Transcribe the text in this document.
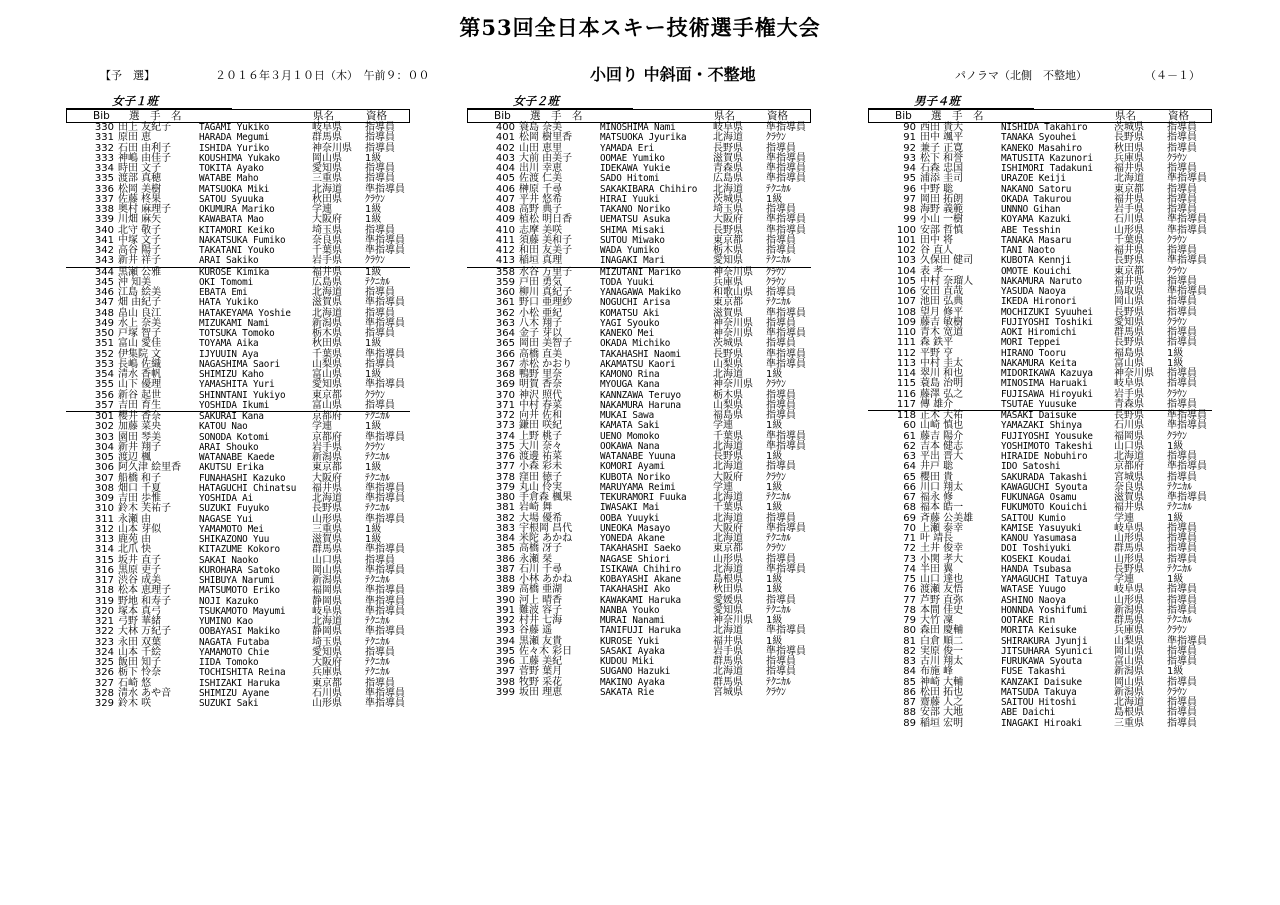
第53回全日本スキー技術選手権大会
【予　選】	２０１６年３月１０日（木）　午前９：００	小回り 中斜面・不整地	パノラマ（北側　不整地）	（４－１）
女子１班
Bib 選　手　名	県名	資格
330 田上 友紀子	TAGAMI Yukiko	岐阜県 指導員
331 原田 恵	HARADA Megumi	群馬県 指導員
332 石田 由利子	ISHIDA Yuriko	神奈川県 指導員
333 神嶋 由佳子	KOUSHIMA Yukako	岡山県 1級
334 時田 文子	TOKITA Ayako	愛知県 指導員
335 渡部 真穂	WATABE Maho	三重県 指導員
336 松岡 美樹	MATSUOKA Miki	北海道 準指導員
337 佐藤 柊果	SATOU Syuuka	秋田県 ｸﾗｳﾝ
338 奥村 麻理子	OKUMURA Mariko	学連	1級
339 川畑 麻矢	KAWABATA Mao	大阪府 1級
340 北守 敬子	KITAMORI Keiko	埼玉県 指導員
341 中塚 文子	NAKATSUKA Fumiko	奈良県 準指導員
342 高谷 陽子	TAKATANI Youko	千葉県 準指導員
343 新井 祥子	ARAI Sakiko	岩手県 ｸﾗｳﾝ
344 黒瀬 公雅	KUROSE Kimika	福井県 1級
345 沖 知美	OKI Tomomi	広島県 ﾃｸﾆｶﾙ
346 江島 絵美	EBATA Emi	北海道 指導員
347 畑 由紀子	HATA Yukiko	滋賀県 準指導員
348 畠山 良江	HATAKEYAMA Yoshie 北海道 指導員
349 水上 奈美	MIZUKAMI Nami	新潟県 準指導員
350 戸塚 智子	TOTSUKA Tomoko	栃木県 指導員
351 富山 愛佳	TOYAMA Aika	秋田県 1級
352 伊集院 文	IJYUUIN Aya	千葉県 準指導員
353 長嶋 佐織	NAGASHIMA Saori	山梨県 指導員
354 清水 香帆	SHIMIZU Kaho	富山県 1級
355 山下 優理	YAMASHITA Yuri	愛知県 準指導員
356 新谷 起世	SHINNTANI Yukiyo	東京都 ｸﾗｳﾝ
357 吉田 育生	YOSHIDA Ikumi	富山県 指導員
301 櫻井 香奈	SAKURAI Kana	京都府 ﾃｸﾆｶﾙ
302 加藤 菜央	KATOU Nao	学連	1級
303 園田 琴美	SONODA Kotomi	京都府 準指導員
304 新井 翔子	ARAI Shouko	岩手県 ｸﾗｳﾝ
305 渡辺 楓	WATANABE Kaede	新潟県 ﾃｸﾆｶﾙ
306 阿久津 絵里香 AKUTSU Erika	東京都 1級
307 船橋 和子	FUNAHASHI Kazuko	大阪府 ﾃｸﾆｶﾙ
308 畑口 千夏	HATAGUCHI Chinatsu 福井県 準指導員
309 吉田 歩惟	YOSHIDA Ai	北海道 準指導員
310 鈴木 芙祐子	SUZUKI Fuyuko	長野県 ﾃｸﾆｶﾙ
311 永瀬 由	NAGASE Yui	山形県 準指導員
312 山本 芽似	YAMAMOTO Mei	三重県 1級
313 鹿苑 由	SHIKAZONO Yuu	滋賀県 1級
314 北爪 快	KITAZUME Kokoro	群馬県 準指導員
315 坂井 直子	SAKAI Naoko	山口県 指導員
316 黒原 吏子	KUROHARA Satoko	岡山県 準指導員
317 渋谷 成美	SHIBUYA Narumi	新潟県 ﾃｸﾆｶﾙ
318 松本 恵理子	MATSUMOTO Eriko	福岡県 準指導員
319 野地 和寿子	NOJI Kazuko	静岡県 準指導員
320 塚本 真弓	TSUKAMOTO Mayumi	岐阜県 準指導員
321 弓野 華緒	YUMINO Kao	北海道 ﾃｸﾆｶﾙ
322 大林 万紀子	OOBAYASI Makiko	静岡県 準指導員
323 永田 双葉	NAGATA Futaba	埼玉県 ﾃｸﾆｶﾙ
324 山本 千絵	YAMAMOTO Chie	愛知県 指導員
325 飯田 知子	IIDA Tomoko	大阪府 ﾃｸﾆｶﾙ
326 栃下 怜奈	TOCHISHITA Reina	兵庫県 ﾃｸﾆｶﾙ
327 石崎 悠	ISHIZAKI Haruka	東京都 指導員
328 清水 あや音	SHIMIZU Ayane	石川県 準指導員
329 鈴木 咲	SUZUKI Saki	山形県 準指導員
女子２班
Bib 選　手　名	県名	資格
400 簑島 奈美	MINOSHIMA Nami	岐阜県 準指導員
401 松岡 樹里香	MATSUOKA Jyurika	北海道 ｸﾗｳﾝ
402 山田 恵里	YAMADA Eri	長野県 指導員
403 大前 由美子	OOMAE Yumiko	滋賀県 準指導員
404 出川 幸恵	IDEKAWA Yukie	青森県 準指導員
405 佐渡 仁美	SADO Hitomi	広島県 準指導員
406 榊原 千尋	SAKAKIBARA Chihiro 北海道 ﾃｸﾆｶﾙ
407 平井 悠希	HIRAI Yuuki	茨城県 1級
408 高野 典子	TAKANO Noriko	埼玉県 指導員
409 植松 明日香	UEMATSU Asuka	大阪府 準指導員
410 志摩 美咲	SHIMA Misaki	長野県 準指導員
411 須藤 美和子	SUTOU Miwako	東京都 指導員
412 和田 友美子	WADA Yumiko	栃木県 指導員
413 稲垣 真理	INAGAKI Mari	愛知県 ﾃｸﾆｶﾙ
358 水谷 万里子	MIZUTANI Mariko	神奈川県 ｸﾗｳﾝ
359 戸田 勇気	TODA Yuuki	兵庫県 ｸﾗｳﾝ
360 柳川 真紀子	YANAGAWA Makiko	和歌山県 指導員
361 野口 亜理紗	NOGUCHI Arisa	東京都 ﾃｸﾆｶﾙ
362 小松 亜紀	KOMATSU Aki	滋賀県 準指導員
363 八木 翔子	YAGI Syouko	神奈川県 指導員
364 金子 芽以	KANEKO Mei	神奈川県 準指導員
365 岡田 美智子	OKADA Michiko	茨城県 指導員
366 高橋 直美	TAKAHASHI Naomi	長野県 準指導員
367 赤松 かおり	AKAMATSU Kaori	山梨県 準指導員
368 鴨野 里奈	KAMONO Rina	北海道 1級
369 明賀 香奈	MYOUGA Kana	神奈川県 ｸﾗｳﾝ
370 神沢 照代	KANNZAWA Teruyo	栃木県 指導員
371 中村 春菜	NAKAMURA Haruna	山梨県 指導員
372 向井 佐和	MUKAI Sawa	福島県 指導員
373 鎌田 咲紀	KAMATA Saki	学連	1級
374 上野 桃子	UENO Momoko	千葉県 準指導員
375 大川 奈々	OOKAWA Nana	北海道 準指導員
376 渡邊 祐菜	WATANABE Yuuna	長野県 1級
377 小森 彩未	KOMORI Ayami	北海道 指導員
378 窪田 徳子	KUBOTA Noriko	大阪府 ｸﾗｳﾝ
379 丸山 伶実	MARUYAMA Reimi	学連	1級
380 手倉森 楓果	TEKURAMORI Fuuka	北海道 ﾃｸﾆｶﾙ
381 岩崎 舞	IWASAKI Mai	千葉県 1級
382 大場 優希	OOBA Yuuyki	北海道 指導員
383 宇根岡 昌代	UNEOKA Masayo	大阪府 準指導員
384 米陀 あかね	YONEDA Akane	北海道 ﾃｸﾆｶﾙ
385 高橋 冴子	TAKAHASHI Saeko	東京都 ｸﾗｳﾝ
386 永瀬 栞	NAGASE Shiori	山形県 指導員
387 石川 千尋	ISIKAWA Chihiro	北海道 準指導員
388 小林 あかね	KOBAYASHI Akane	島根県 1級
389 高橋 亜湖	TAKAHASHI Ako	秋田県 1級
390 河上 晴香	KAWAKAMI Haruka	愛媛県 指導員
391 難波 容子	NANBA Youko	愛知県 ﾃｸﾆｶﾙ
392 村井 七海	MURAI Nanami	神奈川県 1級
393 谷藤 遥	TANIFUJI Haruka	北海道 準指導員
394 黒瀬 友貴	KUROSE Yuki	福井県 1級
395 佐々木 彩日	SASAKI Ayaka	岩手県 準指導員
396 工藤 美紀	KUDOU Miki	群馬県 指導員
397 菅野 葉月	SUGANO Hazuki	北海道 指導員
398 牧野 采花	MAKINO Ayaka	群馬県 ﾃｸﾆｶﾙ
399 坂田 理恵	SAKATA Rie	宮城県 ｸﾗｳﾝ
男子４班
Bib 選　手　名	県名	資格
90 西田 貴大	NISHIDA Takahiro	茨城県 指導員
91 田中 颯平	TANAKA Syouhei	長野県 指導員
92 兼子 正寛	KANEKO Masahiro	秋田県 指導員
93 松下 和誉	MATUSITA Kazunori 兵庫県 ｸﾗｳﾝ
94 石森 忠国	ISHIMORI Tadakuni 福井県 指導員
95 浦添 圭司	URAZOE Keiji	北海道 準指導員
96 中野 聡	NAKANO Satoru	東京都 指導員
97 岡田 拓朗	OKADA Takurou	福井県 指導員
98 海野 義範	UNNNO Gihan	岩手県 指導員
99 小山 一樹	KOYAMA Kazuki	石川県 準指導員
100 安部 哲慎	ABE Tesshin	山形県 準指導員
101 田中 将	TANAKA Masaru	千葉県 ｸﾗｳﾝ
102 谷 直人	TANI Naoto	福井県 指導員
103 久保田 健司	KUBOTA Kennji	長野県 準指導員
104 表 孝一	OMOTE Kouichi	東京都 ｸﾗｳﾝ
105 中村 奈瑠人	NAKAMURA Naruto	福井県 指導員
106 安田 直哉	YASUDA Naoya	鳥取県 準指導員
107 池田 弘典	IKEDA Hironori	岡山県 指導員
108 望月 修平	MOCHIZUKI Syuuhei 長野県 指導員
109 藤吉 敏樹	FUJIYOSHI Toshiki 愛知県 ｸﾗｳﾝ
110 青木 宽道	AOKI Hiromichi	群馬県 指導員
111 森 鉄平	MORI Teppei	長野県 指導員
112 平野 亨	HIRANO Tooru	福島県 1級
113 中村 圭太	NAKAMURA Keita	富山県 1級
114 翠川 和也	MIDORIKAWA Kazuya 神奈川県 指導員
115 蓑島 治明	MINOSIMA Haruaki	岐阜県 指導員
116 藤澤 弘之	FUJISAWA Hiroyuki 岩手県 ｸﾗｳﾝ
117 傳 雄介	TSUTAE Yuusuke	青森県 指導員
118 正木 大祐	MASAKI Daisuke	長野県 準指導員
60 山崎 慎也	YAMAZAKI Shinya	石川県 準指導員
61 藤吉 陽介	FUJIYOSHI Yousuke 福岡県 ｸﾗｳﾝ
62 吉本 健志	YOSHIMOTO Takeshi 山口県 1級
63 平出 晋大	HIRAIDE Nobuhiro	北海道 指導員
64 井戸 聡	IDO Satoshi	京都府 準指導員
65 櫻田 貴	SAKURADA Takashi	宮城県 指導員
66 川口 翔太	KAWAGUCHI Syouta	奈良県 ﾃｸﾆｶﾙ
67 福永 修	FUKUNAGA Osamu	滋賀県 準指導員
68 福本 皓一	FUKUMOTO Kouichi	福井県 ﾃｸﾆｶﾙ
69 斉藤 公美雄	SAITOU Kumio	学連	1級
70 上瀬 泰幸	KAMISE Yasuyuki	岐阜県 指導員
71 叶 靖長	KANOU Yasumasa	山形県 指導員
72 土井 俊幸	DOI Toshiyuki	群馬県 指導員
73 小関 孝大	KOSEKI Koudai	山形県 指導員
74 半田 翼	HANDA Tsubasa	長野県 ﾃｸﾆｶﾙ
75 山口 達也	YAMAGUCHI Tatuya	学連	1級
76 渡瀬 友悟	WATASE Yuugo	岐阜県 指導員
77 芦野 直弥	ASHINO Naoya	山形県 指導員
78 本間 佳史	HONNDA Yoshifumi	新潟県 指導員
79 大竹 凜	OOTAKE Rin	群馬県 ﾃｸﾆｶﾙ
80 森田 慶輔	MORITA Keisuke	兵庫県 ｸﾗｳﾝ
81 白倉 順二	SHIRAKURA Jyunji	山梨県 準指導員
82 実原 俊一	JITSUHARA Syunici 岡山県 指導員
83 古川 翔太	FURUKAWA Syouta	富山県 指導員
84 布施 峰	FUSE Takashi	新潟県 1級
85 神崎 大輔	KANZAKI Daisuke	岡山県 指導員
86 松田 拓也	MATSUDA Takuya	新潟県 ｸﾗｳﾝ
87 齋藤 人之	SAITOU Hitoshi	北海道 指導員
88 安部 大地	ABE Daichi	島根県 指導員
89 稲垣 宏明	INAGAKI Hiroaki	三重県 指導員
